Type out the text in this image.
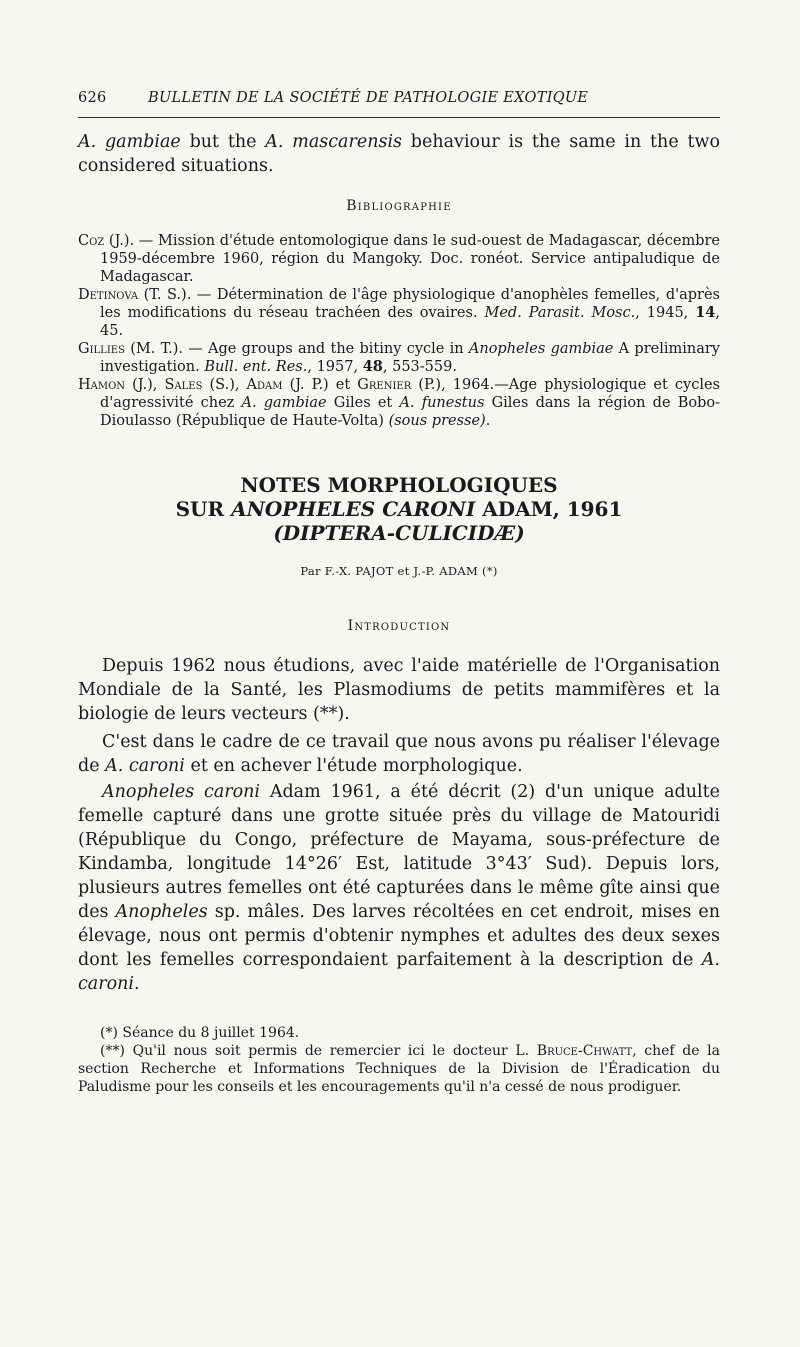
626	BULLETIN DE LA SOCIÉTÉ DE PATHOLOGIE EXOTIQUE

A. gambiae but the A. mascarensis behaviour is the same in the two considered situations.

Bibliographie

Coz (J.). — Mission d'étude entomologique dans le sud-ouest de Madagascar, décembre 1959-décembre 1960, région du Mangoky. Doc. ronéot. Service antipaludique de Madagascar.

Detinova (T. S.). — Détermination de l'âge physiologique d'anophèles femelles, d'après les modifications du réseau trachéen des ovaires. Med. Parasit. Mosc., 1945, 14, 45.

Gillies (M. T.). — Age groups and the bitiny cycle in Anopheles gambiae A preliminary investigation. Bull. ent. Res., 1957, 48, 553-559.

Hamon (J.), Sales (S.), Adam (J. P.) et Grenier (P.), 1964.—Age physiologique et cycles d'agressivité chez A. gambiae Giles et A. funestus Giles dans la région de Bobo-Dioulasso (République de Haute-Volta) (sous presse).

NOTES MORPHOLOGIQUES
SUR ANOPHELES CARONI ADAM, 1961
(DIPTERA-CULICIDÆ)
Par F.-X. PAJOT et J.-P. ADAM (*)
Introduction

Depuis 1962 nous étudions, avec l'aide matérielle de l'Organisation Mondiale de la Santé, les Plasmodiums de petits mammifères et la biologie de leurs vecteurs (**).

C'est dans le cadre de ce travail que nous avons pu réaliser l'élevage de A. caroni et en achever l'étude morphologique.

Anopheles caroni Adam 1961, a été décrit (2) d'un unique adulte femelle capturé dans une grotte située près du village de Matouridi (République du Congo, préfecture de Mayama, sous-préfecture de Kindamba, longitude 14°26′ Est, latitude 3°43′ Sud). Depuis lors, plusieurs autres femelles ont été capturées dans le même gîte ainsi que des Anopheles sp. mâles. Des larves récoltées en cet endroit, mises en élevage, nous ont permis d'obtenir nymphes et adultes des deux sexes dont les femelles correspondaient parfaitement à la description de A. caroni.

(*) Séance du 8 juillet 1964.

(**) Qu'il nous soit permis de remercier ici le docteur L. Bruce-Chwatt, chef de la section Recherche et Informations Techniques de la Division de l'Éradication du Paludisme pour les conseils et les encouragements qu'il n'a cessé de nous prodiguer.
